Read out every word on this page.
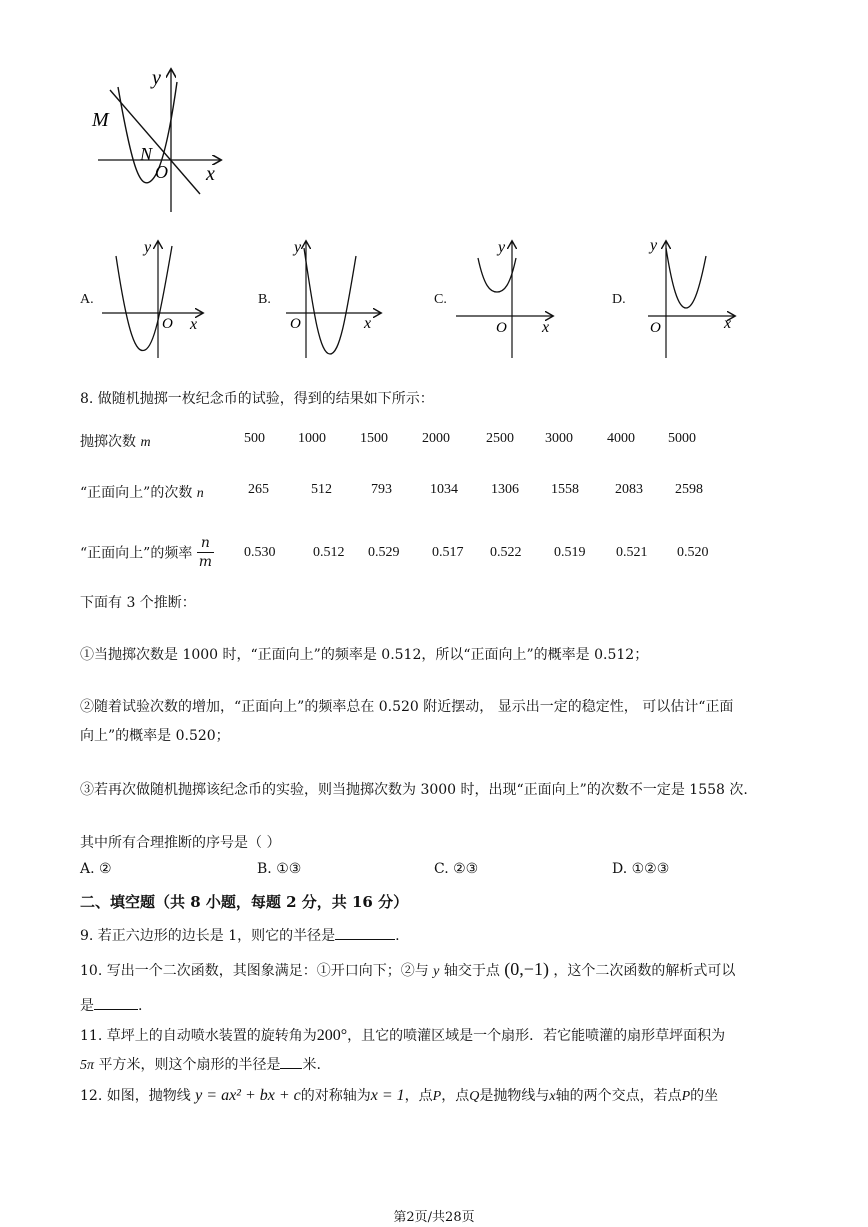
y
M
N
O x
A.
y
O x
B.
y
O	x
C.
y
O x
D.
y
O	x
8. 做随机抛掷一枚纪念币的试验，得到的结果如下所示：
抛掷次数 m	500 1000 1500 2000	2500 3000 4000 5000
“正面向上”的次数 n	265	512	793	1034 1306 1558	2083 2598
“正面向上”的频率 $\frac{n}{m} 0.530$	0.512 0.529 0.517 0.522 0.519 0.521 0.520
下面有 3 个推断：
①当抛掷次数是 1000 时，“正面向上”的频率是 0.512，所以“正面向上”的概率是 0.512；
②随着试验次数的增加，“正面向上”的频率总在 0.520 附近摆动， 显示出一定的稳定性， 可以估计“正面
向上”的概率是 0.520；
③若再次做随机抛掷该纪念币的实验，则当抛掷次数为 3000 时，出现“正面向上”的次数不一定是 1558 次.
其中所有合理推断的序号是（ ）
A. ②	B. ①③	C. ②③	D. ①②③
二、填空题（共 8 小题，每题 2 分，共 16 分）
9. 若正六边形的边长是 1，则它的半径是	.
10. 写出一个二次函数，其图象满足：①开口向下；②与 y 轴交于点 (0,−1) ，这个二次函数的解析式可以
是	.
11. 草坪上的自动喷水装置的旋转角为200°，且它的喷灌区域是一个扇形．若它能喷灌的扇形草坪面积为
5π 平方米，则这个扇形的半径是 米.
12. 如图，抛物线 y = ax² + bx + c的对称轴为x = 1，点P，点Q是抛物线与x轴的两个交点，若点P的坐
第2页/共28页
